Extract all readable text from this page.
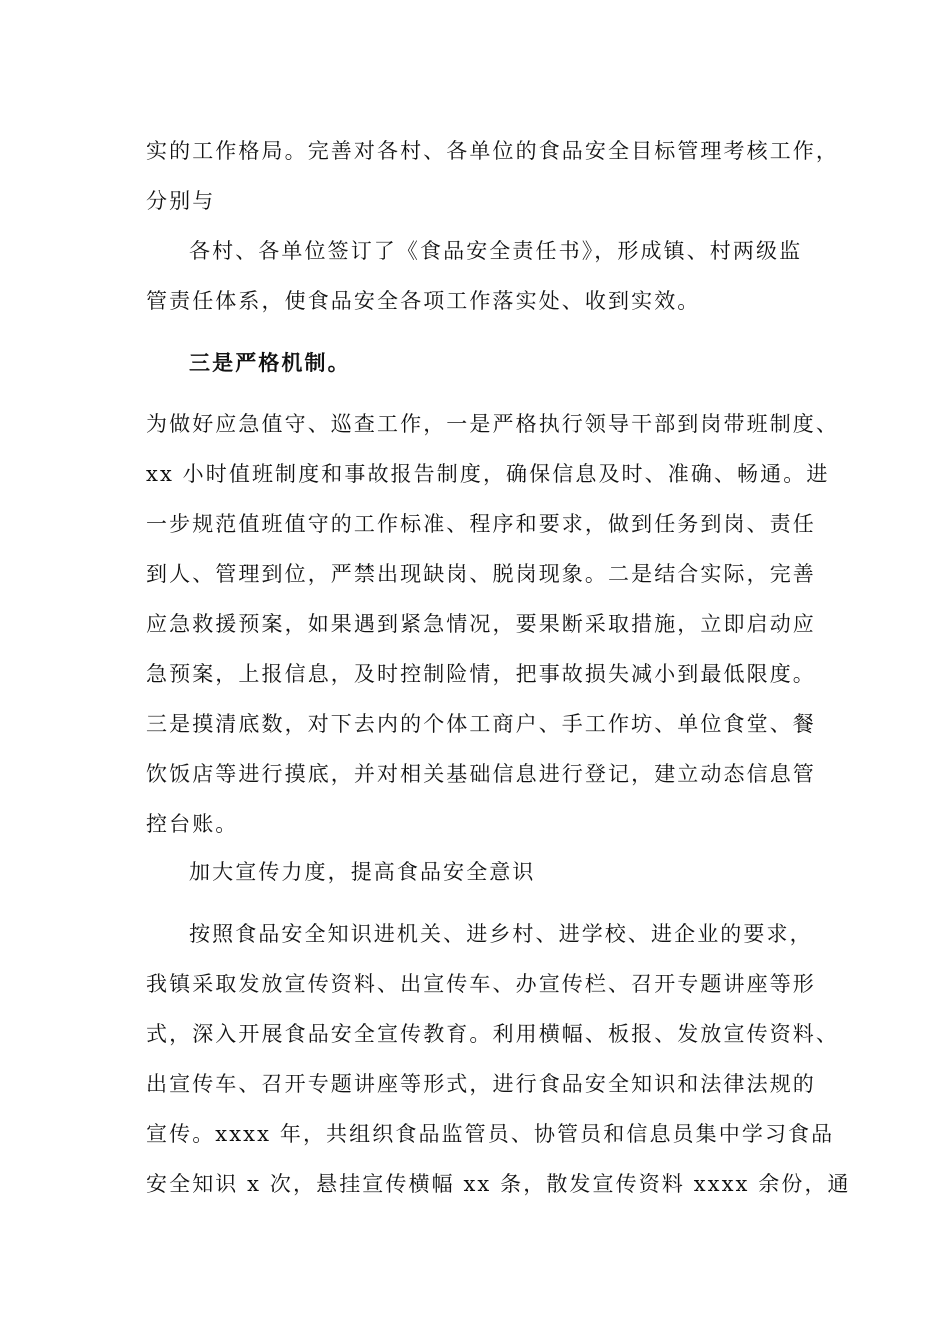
实的工作格局。完善对各村、各单位的食品安全目标管理考核工作，
分别与
各村、各单位签订了《食品安全责任书》，形成镇、村两级监
管责任体系，使食品安全各项工作落实处、收到实效。
三是严格机制。
为做好应急值守、巡查工作，一是严格执行领导干部到岗带班制度、
xx 小时值班制度和事故报告制度，确保信息及时、准确、畅通。进
一步规范值班值守的工作标准、程序和要求，做到任务到岗、责任
到人、管理到位，严禁出现缺岗、脱岗现象。二是结合实际，完善
应急救援预案，如果遇到紧急情况，要果断采取措施，立即启动应
急预案，上报信息，及时控制险情，把事故损失减小到最低限度。
三是摸清底数，对下去内的个体工商户、手工作坊、单位食堂、餐
饮饭店等进行摸底，并对相关基础信息进行登记，建立动态信息管
控台账。
加大宣传力度，提高食品安全意识
按照食品安全知识进机关、进乡村、进学校、进企业的要求，
我镇采取发放宣传资料、出宣传车、办宣传栏、召开专题讲座等形
式，深入开展食品安全宣传教育。利用横幅、板报、发放宣传资料、
出宣传车、召开专题讲座等形式，进行食品安全知识和法律法规的
宣传。xxxx 年，共组织食品监管员、协管员和信息员集中学习食品
安全知识 x 次，悬挂宣传横幅 xx 条，散发宣传资料 xxxx 余份，通
